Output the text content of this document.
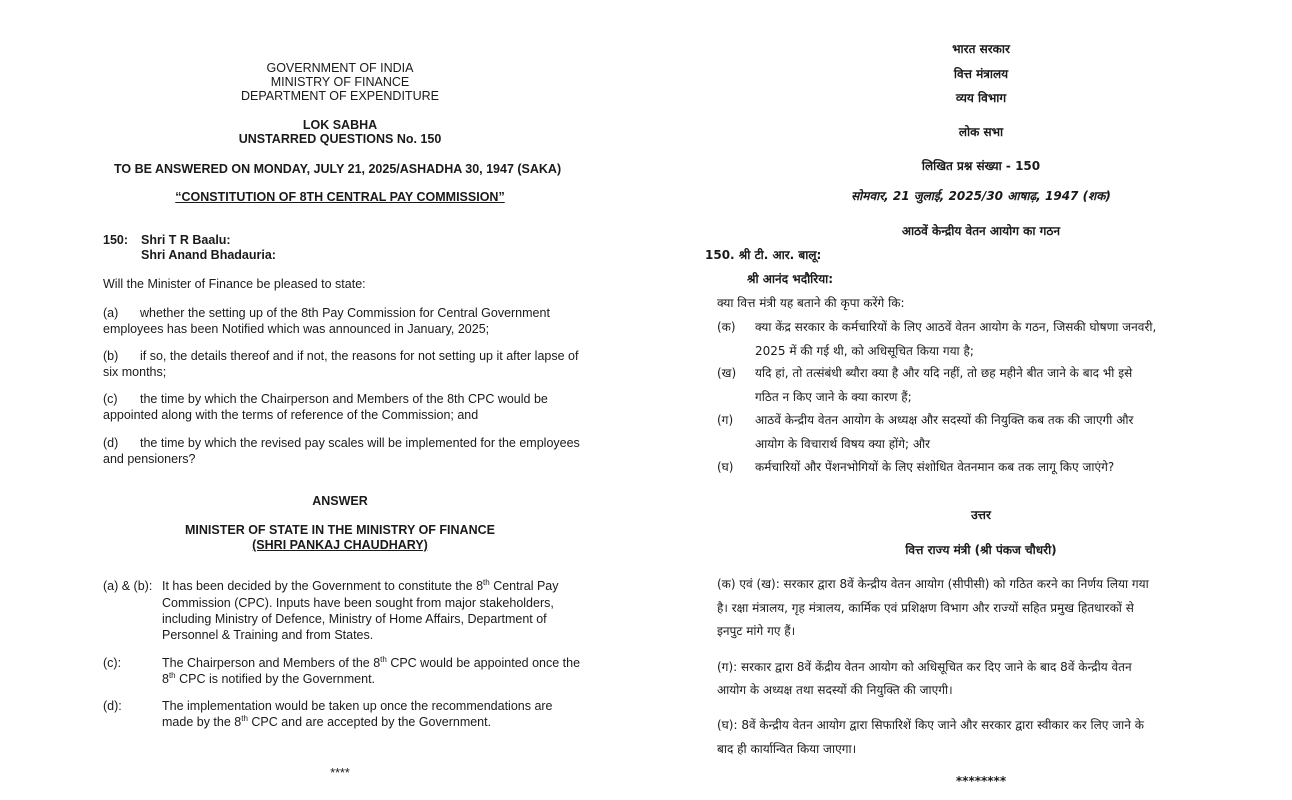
GOVERNMENT OF INDIA
MINISTRY OF FINANCE
DEPARTMENT OF EXPENDITURE
LOK SABHA
UNSTARRED QUESTIONS No. 150
TO BE ANSWERED ON MONDAY, JULY 21, 2025/ASHADHA 30, 1947 (SAKA)
“CONSTITUTION OF 8TH CENTRAL PAY COMMISSION”
150: Shri T R Baalu:
Shri Anand Bhadauria:
Will the Minister of Finance be pleased to state:
(a) whether the setting up of the 8th Pay Commission for Central Government
employees has been Notified which was announced in January, 2025;
(b) if so, the details thereof and if not, the reasons for not setting up it after lapse of
six months;
(c) the time by which the Chairperson and Members of the 8th CPC would be
appointed along with the terms of reference of the Commission; and
(d) the time by which the revised pay scales will be implemented for the employees
and pensioners?
ANSWER
MINISTER OF STATE IN THE MINISTRY OF FINANCE
(SHRI PANKAJ CHAUDHARY)
(a) & (b): It has been decided by the Government to constitute the 8th Central Pay
Commission (CPC). Inputs have been sought from major stakeholders,
including Ministry of Defence, Ministry of Home Affairs, Department of
Personnel & Training and from States.
(c):	The Chairperson and Members of the 8th CPC would be appointed once the
8th CPC is notified by the Government.
(d):	The implementation would be taken up once the recommendations are
made by the 8th CPC and are accepted by the Government.
****
भारत सरकार
वित्त मंत्रालय
व्यय विभाग
लोक सभा
लिखित प्रश्न संख्या - 150
सोमवार, 21 जुलाई, 2025/30 आषाढ़, 1947 (शक)
आठवें केन्द्रीय वेतन आयोग का गठन
150. श्री टी. आर. बालू:
श्री आनंद भदौरिया:
क्या वित्त मंत्री यह बताने की कृपा करेंगे कि:
(क) क्या केंद्र सरकार के कर्मचारियों के लिए आठवें वेतन आयोग के गठन, जिसकी घोषणा जनवरी,
2025 में की गई थी, को अधिसूचित किया गया है;
(ख) यदि हां, तो तत्संबंधी ब्यौरा क्या है और यदि नहीं, तो छह महीने बीत जाने के बाद भी इसे
गठित न किए जाने के क्या कारण हैं;
(ग) आठवें केन्द्रीय वेतन आयोग के अध्यक्ष और सदस्यों की नियुक्ति कब तक की जाएगी और
आयोग के विचारार्थ विषय क्या होंगे; और
(घ) कर्मचारियों और पेंशनभोगियों के लिए संशोधित वेतनमान कब तक लागू किए जाएंगे?
उत्तर
वित्त राज्य मंत्री (श्री पंकज चौधरी)
(क) एवं (ख): सरकार द्वारा 8वें केन्द्रीय वेतन आयोग (सीपीसी) को गठित करने का निर्णय लिया गया
है। रक्षा मंत्रालय, गृह मंत्रालय, कार्मिक एवं प्रशिक्षण विभाग और राज्यों सहित प्रमुख हितधारकों से
इनपुट मांगे गए हैं।
(ग): सरकार द्वारा 8वें केंद्रीय वेतन आयोग को अधिसूचित कर दिए जाने के बाद 8वें केन्द्रीय वेतन
आयोग के अध्यक्ष तथा सदस्यों की नियुक्ति की जाएगी।
(घ): 8वें केन्द्रीय वेतन आयोग द्वारा सिफारिशें किए जाने और सरकार द्वारा स्वीकार कर लिए जाने के
बाद ही कार्यान्वित किया जाएगा।
********
